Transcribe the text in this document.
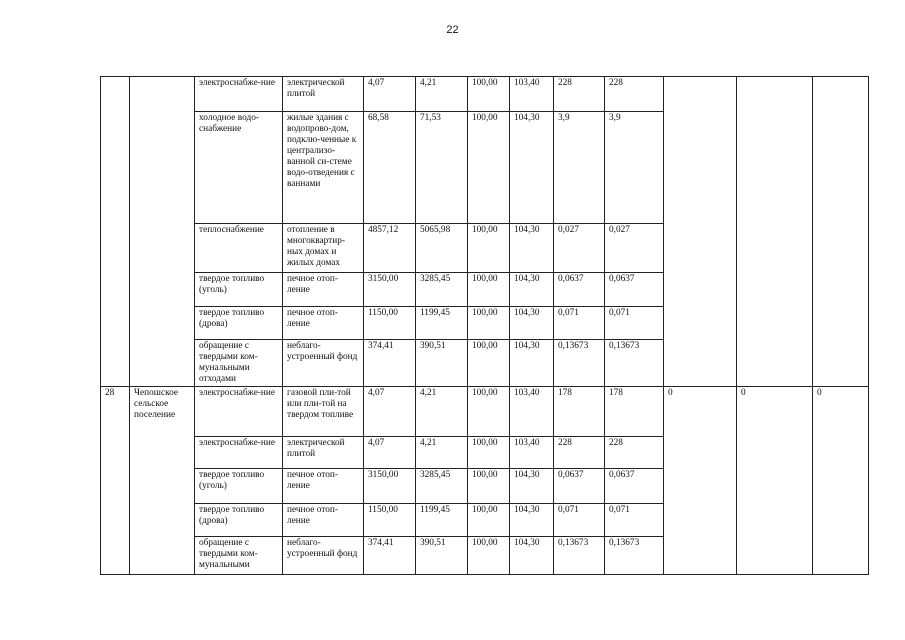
22
		электроснабже-ние	электрической плитой	4,07	4,21	100,00	103,40	228	228			
		холодное водо-снабжение	жилые здания с водопрово-дом, подклю-ченные к централизо-ванной си-стеме водо-отведения с ваннами	68,58	71,53	100,00	104,30	3,9	3,9			
		теплоснабжение	отопление в многоквартир-ных домах и жилых домах	4857,12	5065,98	100,00	104,30	0,027	0,027			
		твердое топливо (уголь)	печное отоп-ление	3150,00	3285,45	100,00	104,30	0,0637	0,0637			
		твердое топливо (дрова)	печное отоп-ление	1150,00	1199,45	100,00	104,30	0,071	0,071			
		обращение с твердыми ком-мунальными отходами	неблаго-устроенный фонд	374,41	390,51	100,00	104,30	0,13673	0,13673			
28	Чепошское сельское поселение	электроснабже-ние	газовой пли-той или пли-той на твердом топливе	4,07	4,21	100,00	103,40	178	178	0	0	0
		электроснабже-ние	электрической плитой	4,07	4,21	100,00	103,40	228	228			
		твердое топливо (уголь)	печное отоп-ление	3150,00	3285,45	100,00	104,30	0,0637	0,0637			
		твердое топливо (дрова)	печное отоп-ление	1150,00	1199,45	100,00	104,30	0,071	0,071			
		обращение с твердыми ком-мунальными	неблаго-устроенный фонд	374,41	390,51	100,00	104,30	0,13673	0,13673			
